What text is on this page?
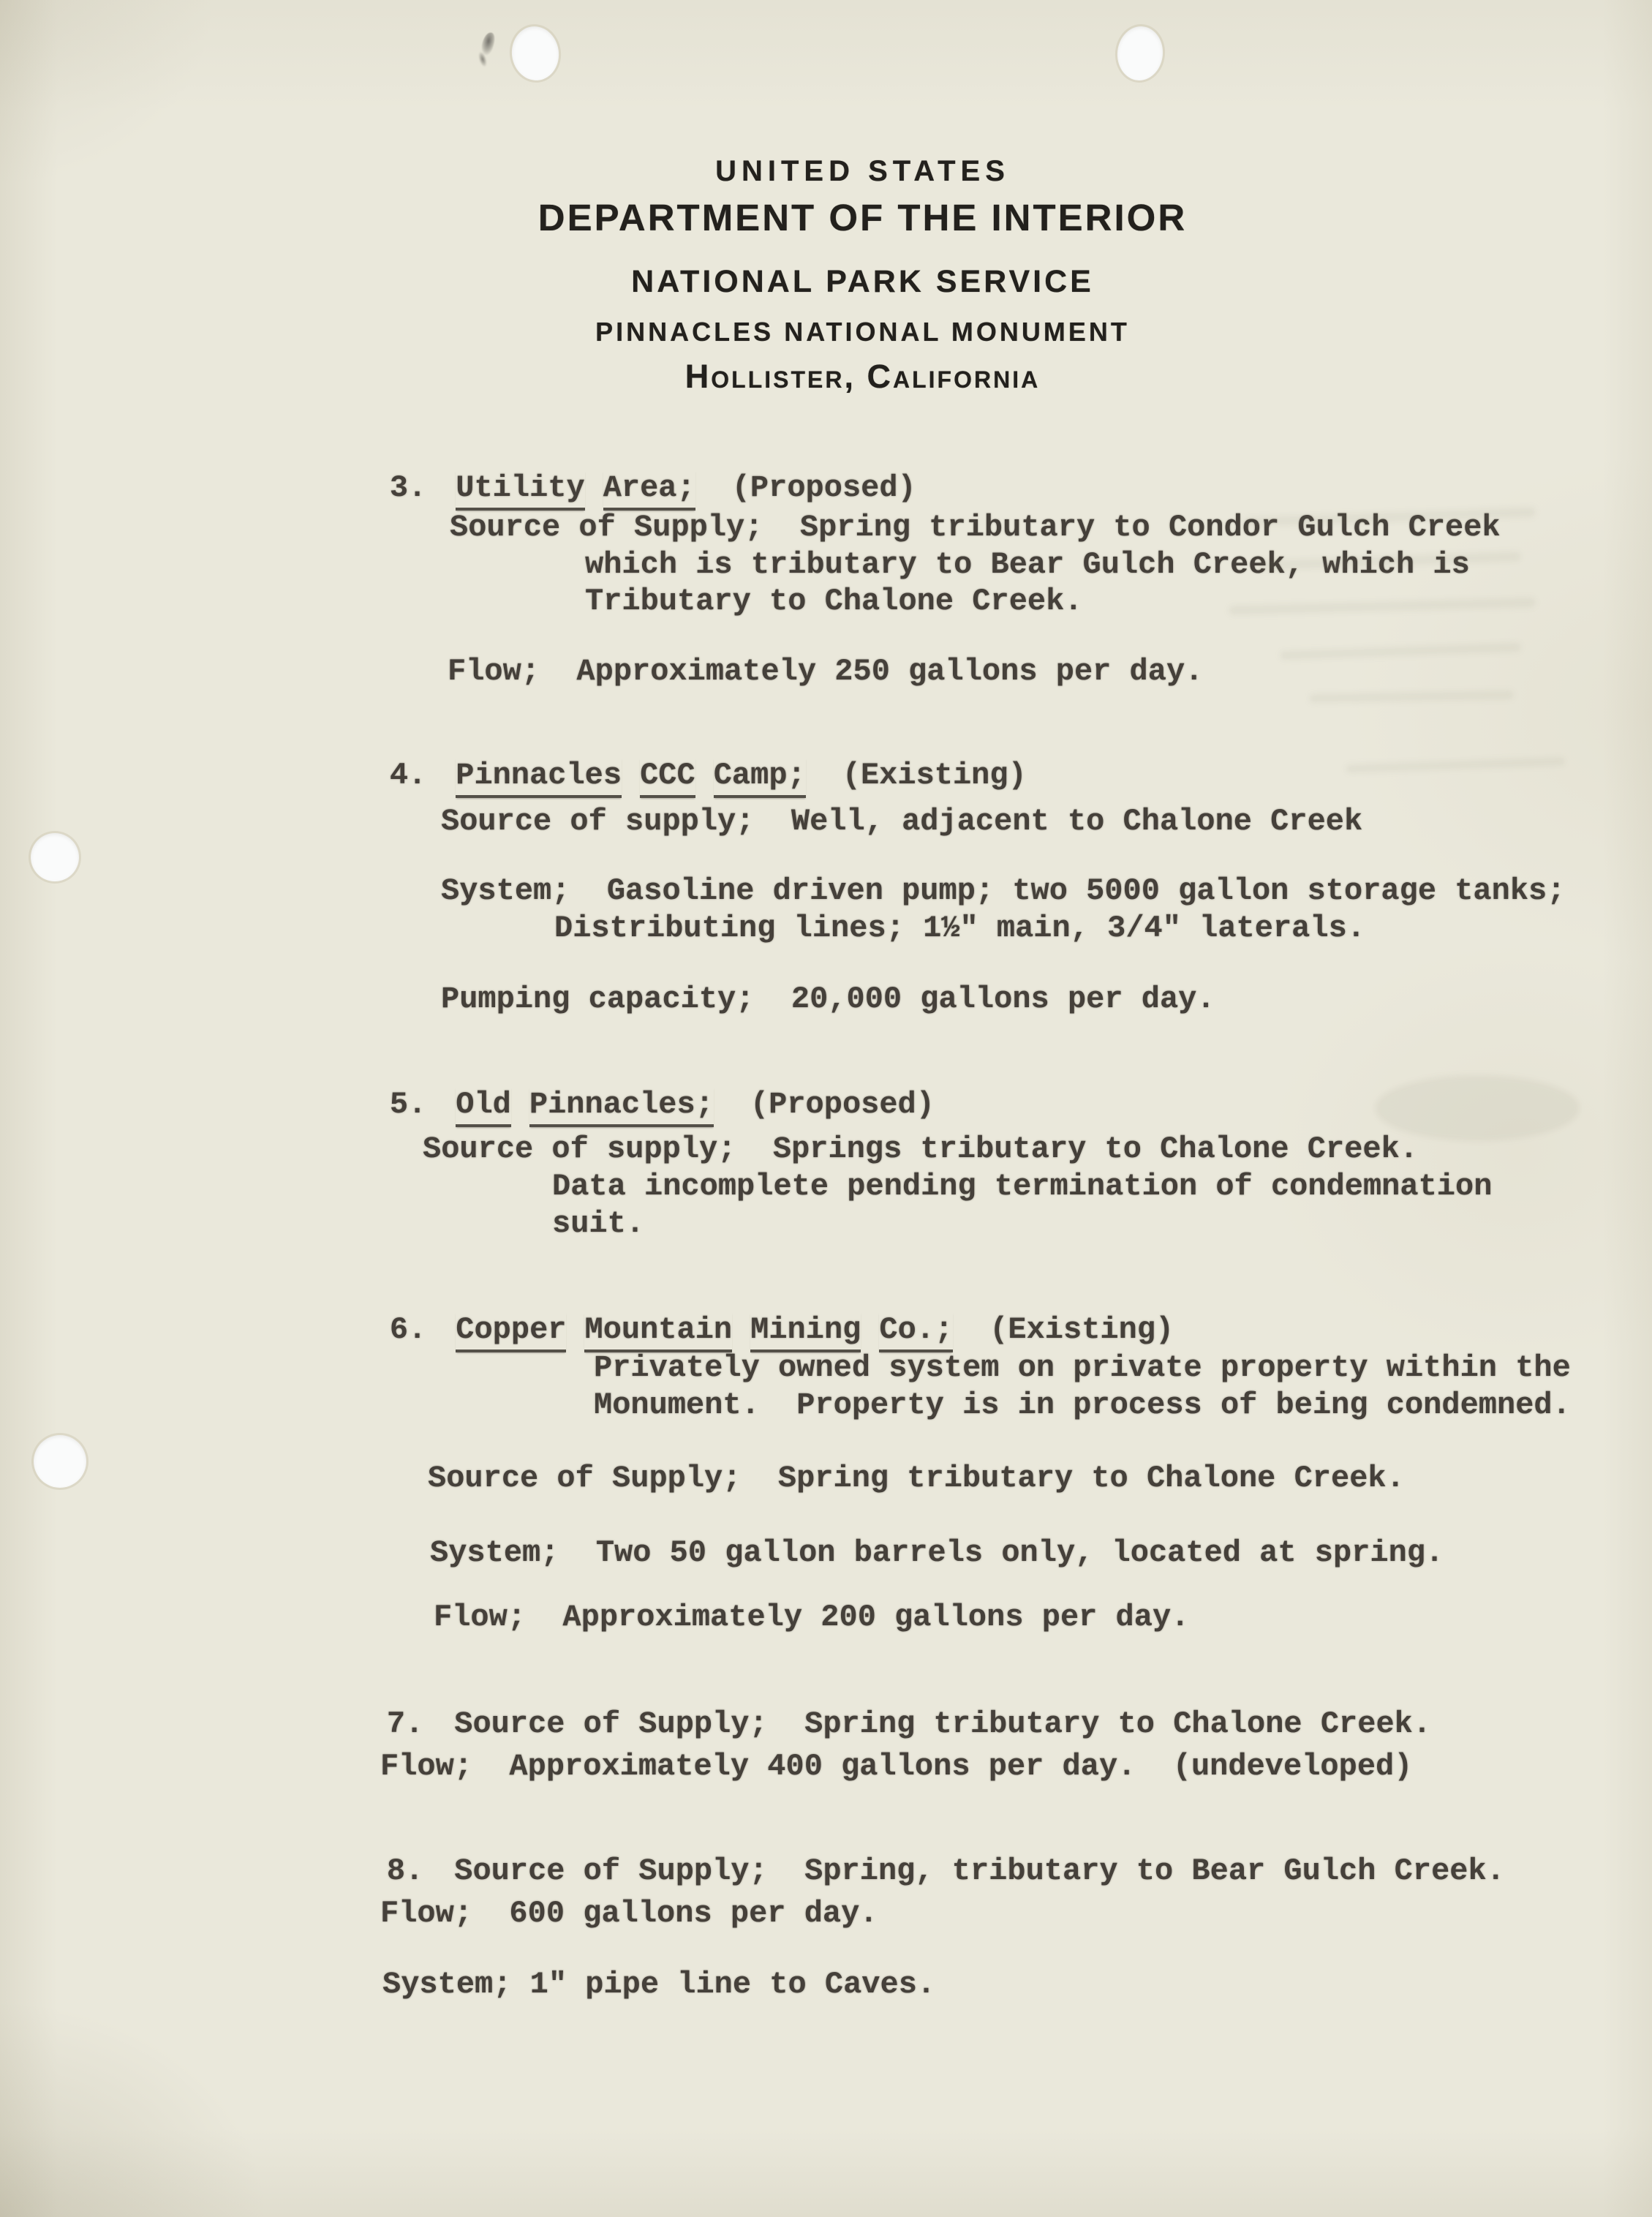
UNITED STATES
DEPARTMENT OF THE INTERIOR
NATIONAL PARK SERVICE
PINNACLES NATIONAL MONUMENT
Hollister, California

3. Utility Area; (Proposed)

Source of Supply;  Spring tributary to Condor Gulch Creek
which is tributary to Bear Gulch Creek, which is
Tributary to Chalone Creek.
Flow;  Approximately 250 gallons per day.

4. Pinnacles CCC Camp; (Existing)

Source of supply;  Well, adjacent to Chalone Creek
System;  Gasoline driven pump; two 5000 gallon storage tanks;
Distributing lines; 1½" main, 3/4" laterals.
Pumping capacity;  20,000 gallons per day.

5. Old Pinnacles; (Proposed)

Source of supply;  Springs tributary to Chalone Creek.
Data incomplete pending termination of condemnation
suit.

6. Copper Mountain Mining Co.; (Existing)

Privately owned system on private property within the
Monument.  Property is in process of being condemned.
Source of Supply;  Spring tributary to Chalone Creek.
System;  Two 50 gallon barrels only, located at spring.
Flow;  Approximately 200 gallons per day.

7. Source of Supply;  Spring tributary to Chalone Creek.

Flow;  Approximately 400 gallons per day.  (undeveloped)

8. Source of Supply;  Spring, tributary to Bear Gulch Creek.

Flow;  600 gallons per day.
System; 1" pipe line to Caves.
